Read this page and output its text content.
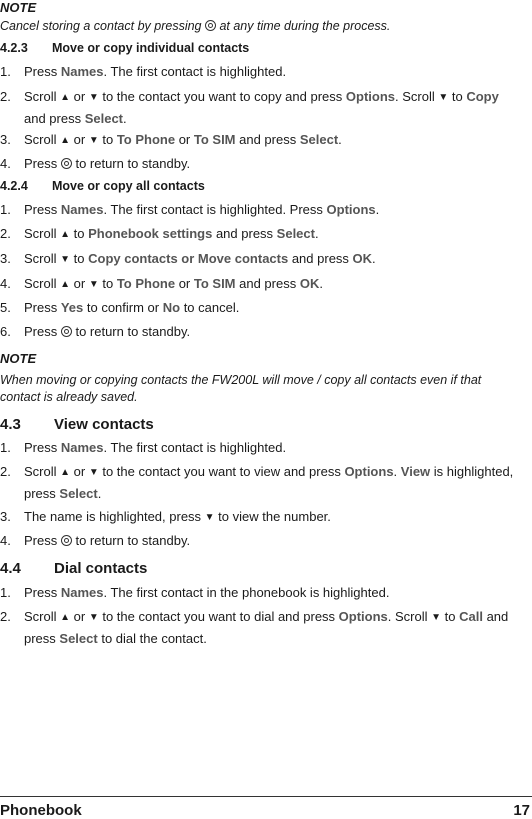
NOTE
Cancel storing a contact by pressing  at any time during the process.
4.2.3 Move or copy individual contacts
1.	Press Names. The first contact is highlighted.
2.	Scroll ▲ or ▼ to the contact you want to copy and press Options. Scroll ▼ to Copy
and press Select.
3.	Scroll ▲ or ▼ to To Phone or To SIM and press Select.
4.	Press  to return to standby.
4.2.4 Move or copy all contacts
1.	Press Names. The first contact is highlighted. Press Options.
2.	Scroll ▲ to Phonebook settings and press Select.
3.	Scroll ▼ to Copy contacts or Move contacts and press OK.
4.	Scroll ▲ or ▼ to To Phone or To SIM and press OK.
5.	Press Yes to confirm or No to cancel.
6.	Press  to return to standby.
NOTE
When moving or copying contacts the FW200L will move / copy all contacts even if that contact is already saved.
4.3 View contacts
1.	Press Names. The first contact is highlighted.
2.	Scroll ▲ or ▼ to the contact you want to view and press Options. View is highlighted,
press Select.
3.	The name is highlighted, press ▼ to view the number.
4.	Press  to return to standby.
4.4 Dial contacts
1.	Press Names. The first contact in the phonebook is highlighted.
2.	Scroll ▲ or ▼ to the contact you want to dial and press Options. Scroll ▼ to Call and
press Select to dial the contact.
Phonebook	17
